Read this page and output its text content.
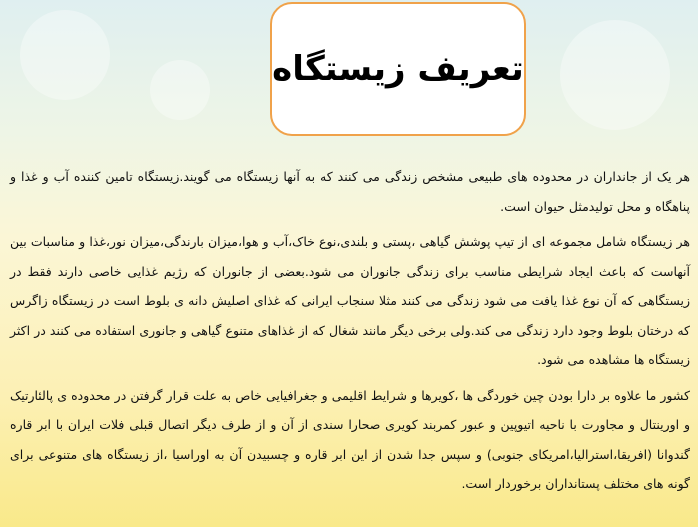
تعریف زیستگاه

هر یک از جانداران در محدوده های طبیعی مشخص زندگی می کنند که به آنها زیستگاه می گویند.زیستگاه تامین کننده آب و غذا و پناهگاه و محل تولیدمثل حیوان است.

هر زیستگاه شامل مجموعه ای از تیپ پوشش گیاهی ،پستی و بلندی،نوع خاک،آب و هوا،میزان بارندگی،میزان نور،غذا و مناسبات بین آنهاست که باعث ایجاد شرایطی مناسب برای زندگی جانوران می شود.بعضی از جانوران که رژیم غذایی خاصی دارند فقط در زیستگاهی که آن نوع غذا یافت می شود زندگی می کنند مثلا سنجاب ایرانی که غذای اصلیش دانه ی بلوط است در زیستگاه زاگرس که درختان بلوط وجود دارد زندگی می کند.ولی برخی دیگر مانند شغال که از غذاهای متنوع گیاهی و جانوری استفاده می کنند در اکثر زیستگاه ها مشاهده می شود.

کشور ما علاوه بر دارا بودن چین خوردگی ها ،کویرها و شرایط اقلیمی و جغرافیایی خاص به علت قرار گرفتن در محدوده ی پالئارتیک و اورینتال و مجاورت با ناحیه اتیوپین و عبور کمربند کویری صحارا سندی از آن و از طرف دیگر اتصال قبلی فلات ایران با ابر قاره گندوانا (افریقا،استرالیا،امریکای جنوبی) و سپس جدا شدن از این ابر قاره و چسبیدن آن به اوراسیا ،از زیستگاه های متنوعی برای گونه های مختلف پستانداران برخوردار است.
